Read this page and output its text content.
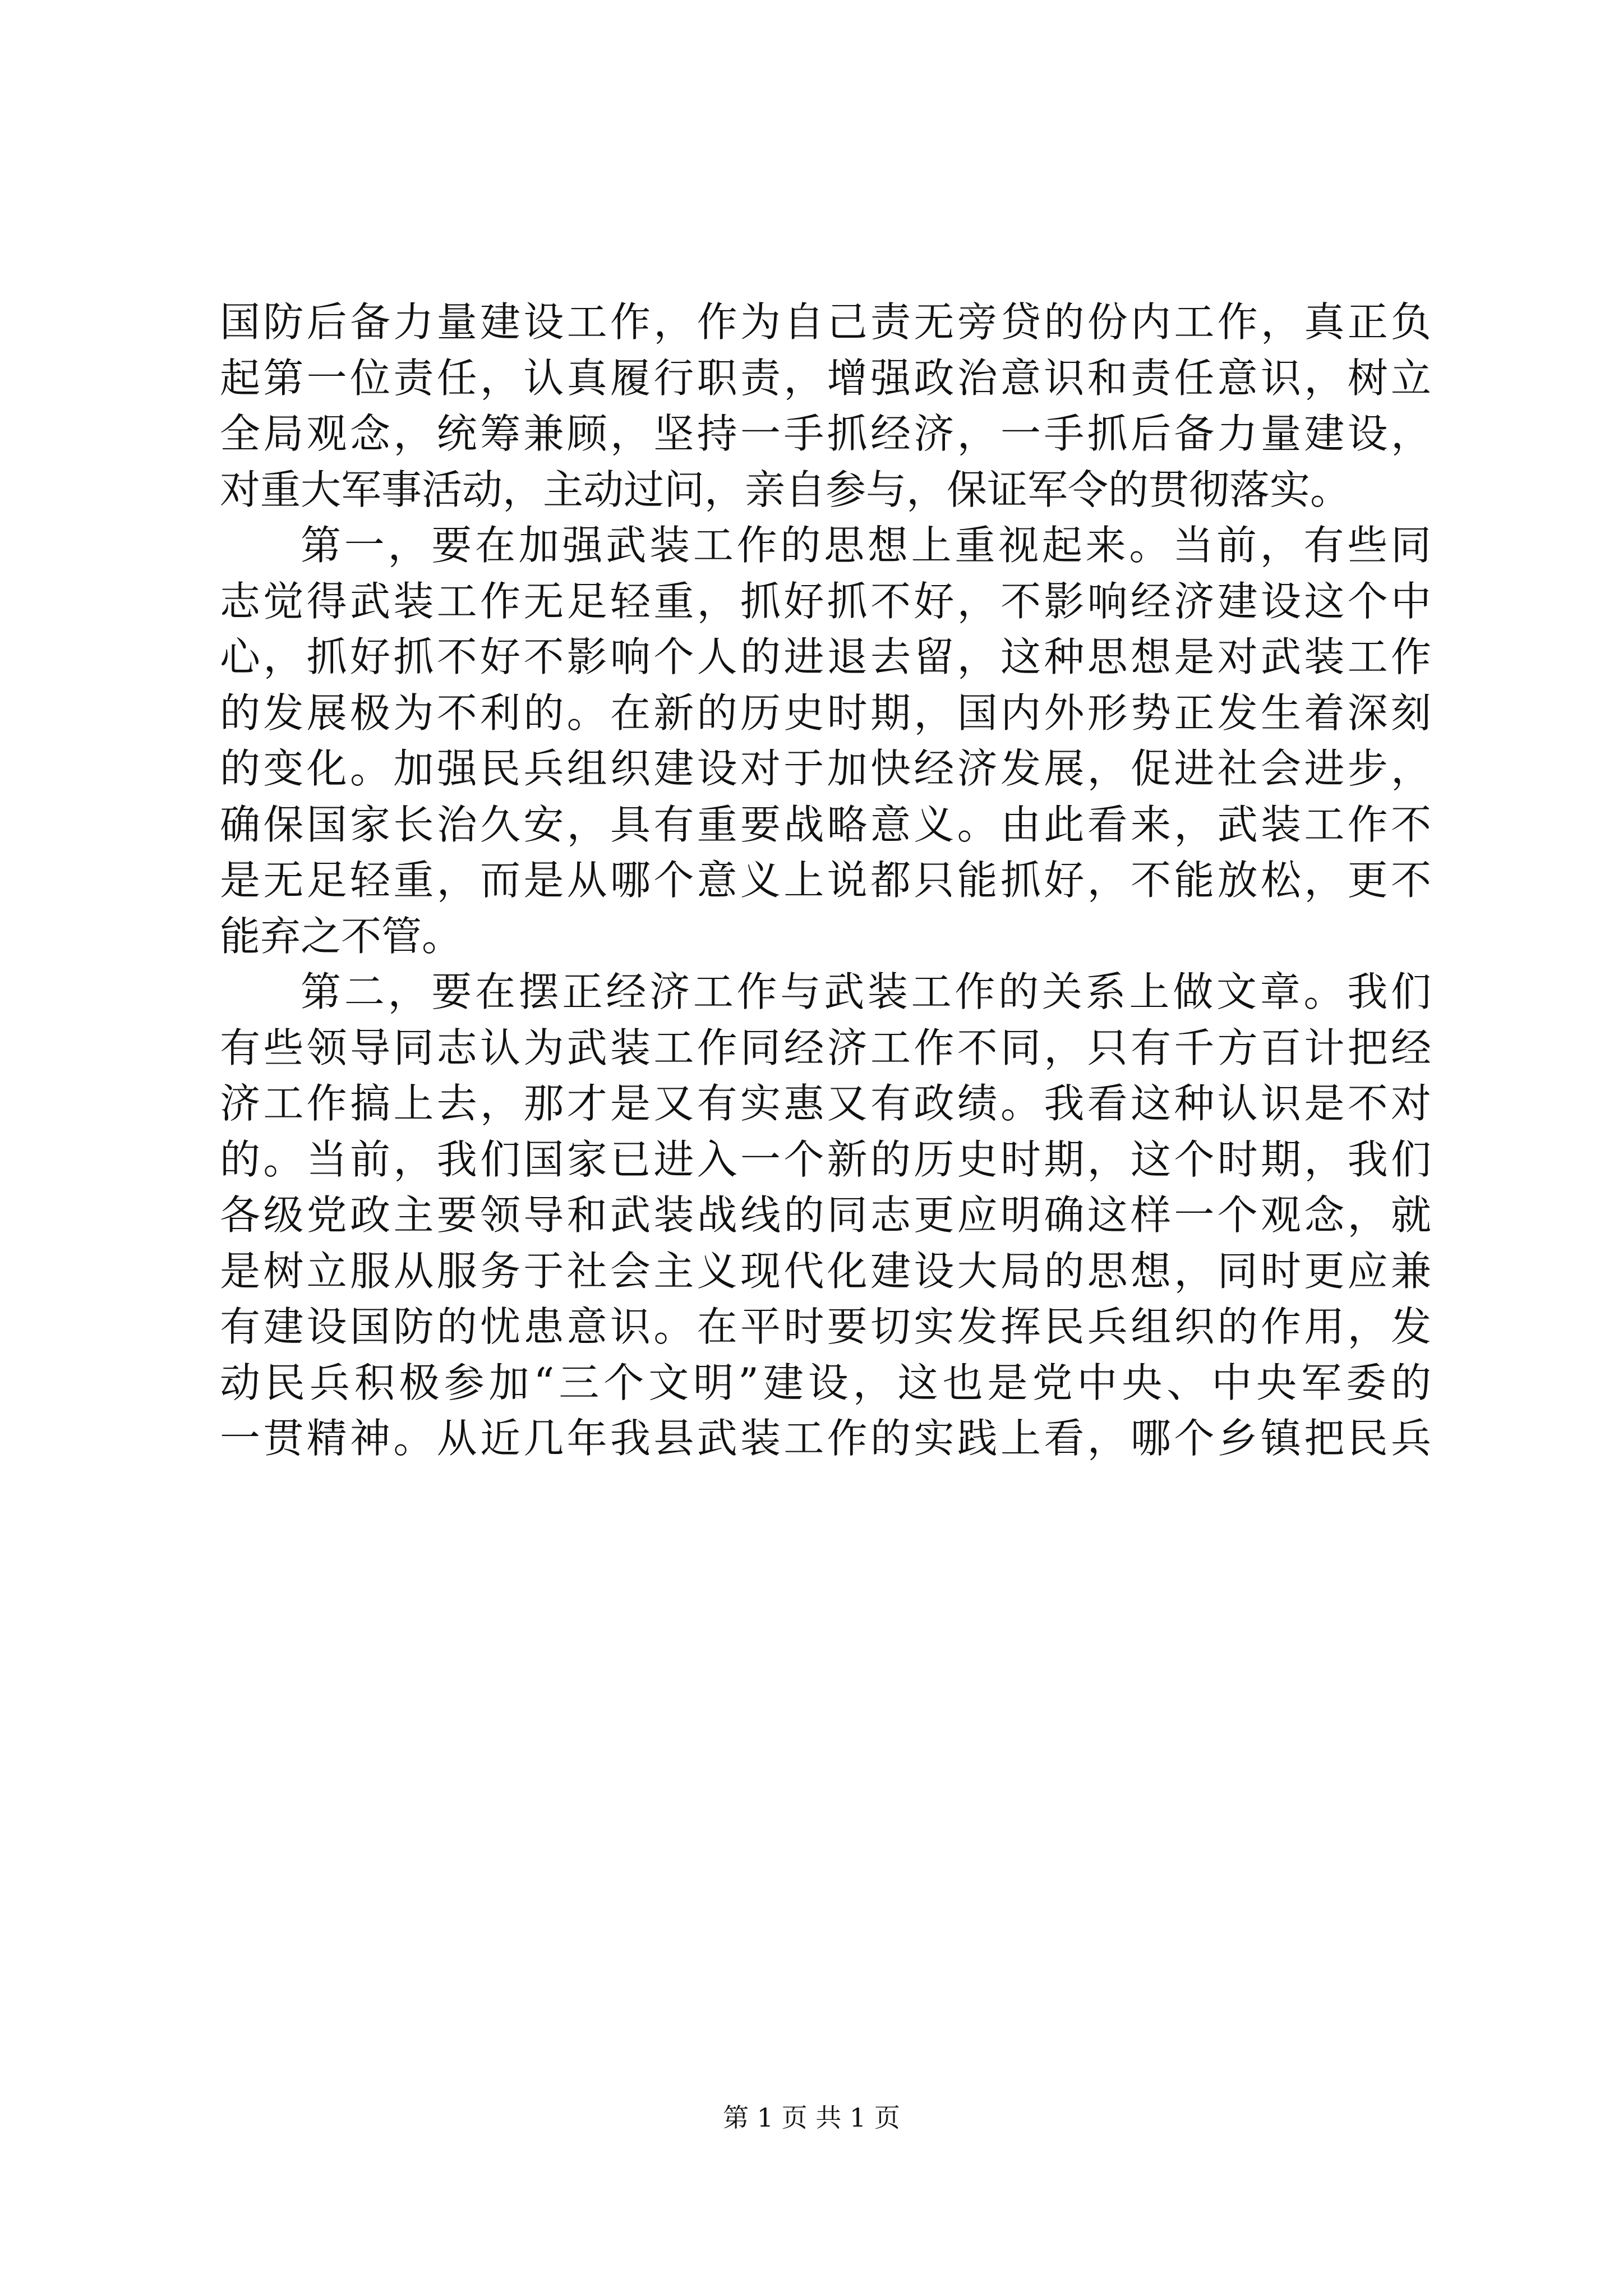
国防后备力量建设工作，作为自己责无旁贷的份内工作，真正负
起第一位责任，认真履行职责，增强政治意识和责任意识，树立
全局观念，统筹兼顾，坚持一手抓经济，一手抓后备力量建设，
对重大军事活动，主动过问，亲自参与，保证军令的贯彻落实。
第一，要在加强武装工作的思想上重视起来。当前，有些同
志觉得武装工作无足轻重，抓好抓不好，不影响经济建设这个中
心，抓好抓不好不影响个人的进退去留，这种思想是对武装工作
的发展极为不利的。在新的历史时期，国内外形势正发生着深刻
的变化。加强民兵组织建设对于加快经济发展，促进社会进步，
确保国家长治久安，具有重要战略意义。由此看来，武装工作不
是无足轻重，而是从哪个意义上说都只能抓好，不能放松，更不
能弃之不管。
第二，要在摆正经济工作与武装工作的关系上做文章。我们
有些领导同志认为武装工作同经济工作不同，只有千方百计把经
济工作搞上去，那才是又有实惠又有政绩。我看这种认识是不对
的。当前，我们国家已进入一个新的历史时期，这个时期，我们
各级党政主要领导和武装战线的同志更应明确这样一个观念，就
是树立服从服务于社会主义现代化建设大局的思想，同时更应兼
有建设国防的忧患意识。在平时要切实发挥民兵组织的作用，发
动民兵积极参加“三个文明”建设，这也是党中央、中央军委的
一贯精神。从近几年我县武装工作的实践上看，哪个乡镇把民兵
第 1 页 共 1 页
